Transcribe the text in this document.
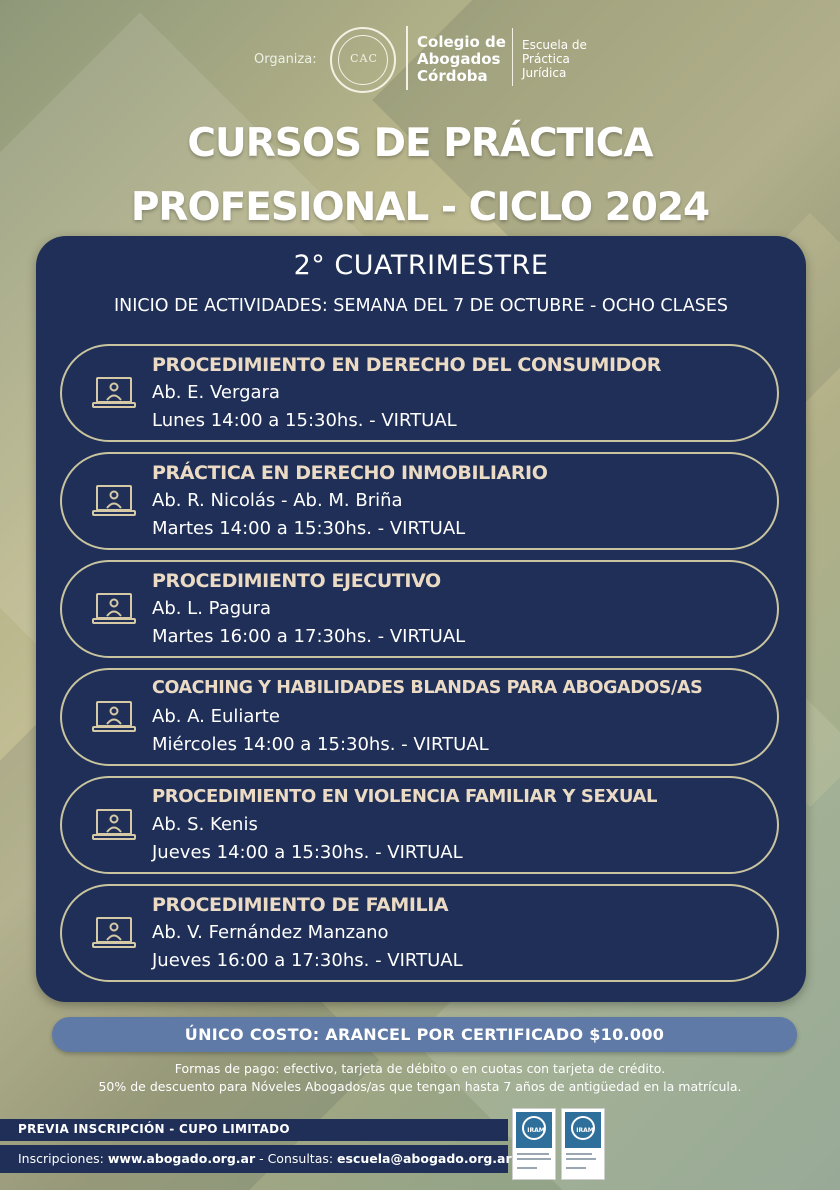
Organiza:	CAC
Colegio de
Abogados
Córdoba
Escuela de
Práctica
Jurídica
CURSOS DE PRÁCTICA
PROFESIONAL - CICLO 2024
2° CUATRIMESTRE
INICIO DE ACTIVIDADES: SEMANA DEL 7 DE OCTUBRE - OCHO CLASES
PROCEDIMIENTO EN DERECHO DEL CONSUMIDOR
Ab. E. Vergara
Lunes 14:00 a 15:30hs. - VIRTUAL
PRÁCTICA EN DERECHO INMOBILIARIO
Ab. R. Nicolás - Ab. M. Briña
Martes 14:00 a 15:30hs. - VIRTUAL
PROCEDIMIENTO EJECUTIVO
Ab. L. Pagura
Martes 16:00 a 17:30hs. - VIRTUAL
COACHING Y HABILIDADES BLANDAS PARA ABOGADOS/AS
Ab. A. Euliarte
Miércoles 14:00 a 15:30hs. - VIRTUAL
PROCEDIMIENTO EN VIOLENCIA FAMILIAR Y SEXUAL
Ab. S. Kenis
Jueves 14:00 a 15:30hs. - VIRTUAL
PROCEDIMIENTO DE FAMILIA
Ab. V. Fernández Manzano
Jueves 16:00 a 17:30hs. - VIRTUAL
ÚNICO COSTO: ARANCEL POR CERTIFICADO $10.000
Formas de pago: efectivo, tarjeta de débito o en cuotas con tarjeta de crédito.
50% de descuento para Nóveles Abogados/as que tengan hasta 7 años de antigüedad en la matrícula.
PREVIA INSCRIPCIÓN - CUPO LIMITADO
Inscripciones: www.abogado.org.ar - Consultas: escuela@abogado.org.ar
IRAM	IRAM
